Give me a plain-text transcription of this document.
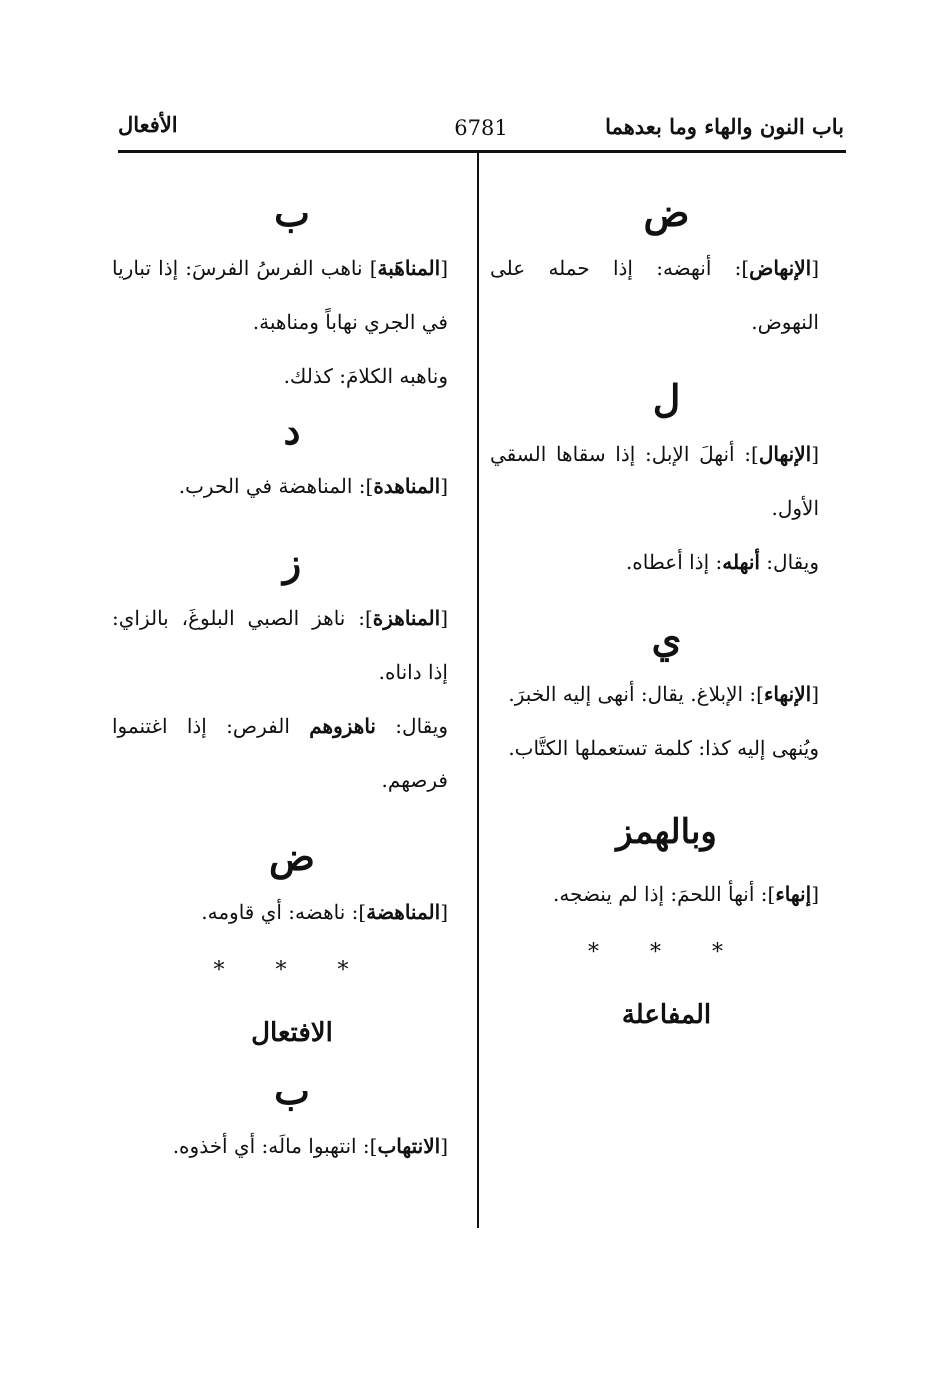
باب النون والهاء وما بعدهما
6781
الأفعال
ض

[الإنهاض]: أنهضه: إذا حمله على النهوض.

ل

[الإنهال]: أنهلَ الإبل: إذا سقاها السقي الأول.

ويقال: أنهله: إذا أعطاه.

ي

[الإنهاء]: الإبلاغ. يقال: أنهى إليه الخبرَ.

ويُنهى إليه كذا: كلمة تستعملها الكتَّاب.

وبالهمز

[إنهاء]: أنهأ اللحمَ: إذا لم ينضجه.

* * *
المفاعلة
ب

[المناهَبة] ناهب الفرسُ الفرسَ: إذا تباريا في الجري نهاباً ومناهبة.

وناهبه الكلامَ: كذلك.

د

[المناهدة]: المناهضة في الحرب.

ز

[المناهزة]: ناهز الصبي البلوغَ، بالزاي: إذا داناه.

ويقال: ناهزوهم الفرص: إذا اغتنموا فرصهم.

ض

[المناهضة]: ناهضه: أي قاومه.

* * *
الافتعال
ب

[الانتهاب]: انتهبوا مالَه: أي أخذوه.
